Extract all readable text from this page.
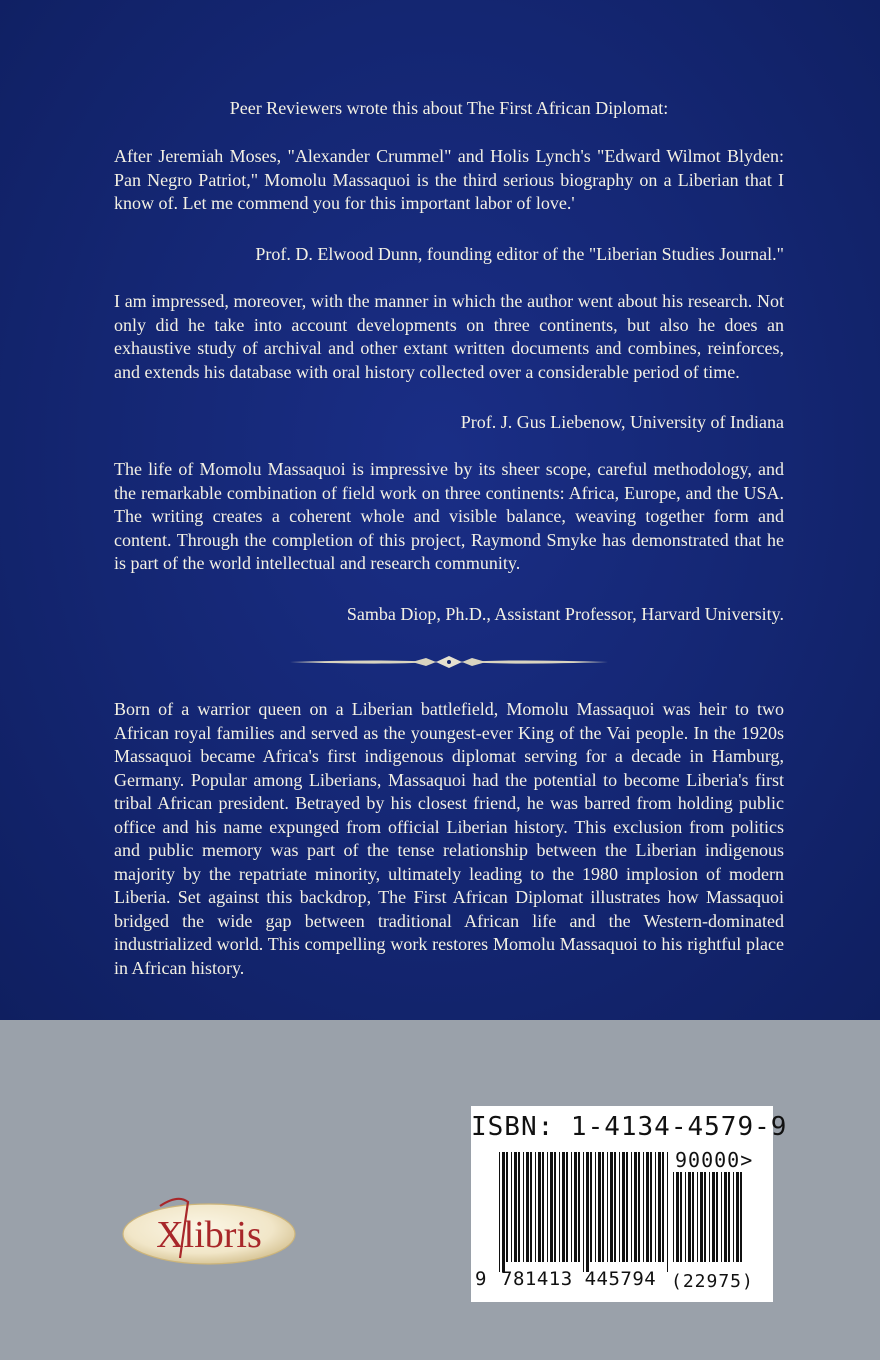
Peer Reviewers wrote this about The First African Diplomat:

After Jeremiah Moses, "Alexander Crummel" and Holis Lynch's "Edward Wilmot Blyden: Pan Negro Patriot," Momolu Massaquoi is the third serious biography on a Liberian that I know of. Let me commend you for this important labor of love.'

Prof. D. Elwood Dunn, founding editor of the "Liberian Studies Journal."

I am impressed, moreover, with the manner in which the author went about his research. Not only did he take into account developments on three continents, but also he does an exhaustive study of archival and other extant written documents and combines, reinforces, and extends his database with oral history collected over a considerable period of time.

Prof. J. Gus Liebenow, University of Indiana

The life of Momolu Massaquoi is impressive by its sheer scope, careful methodology, and the remarkable combination of field work on three continents: Africa, Europe, and the USA. The writing creates a coherent whole and visible balance, weaving together form and content. Through the completion of this project, Raymond Smyke has demonstrated that he is part of the world intellectual and research community.

Samba Diop, Ph.D., Assistant Professor, Harvard University.

Born of a warrior queen on a Liberian battlefield, Momolu Massaquoi was heir to two African royal families and served as the youngest-ever King of the Vai people. In the 1920s Massaquoi became Africa's first indigenous diplomat serving for a decade in Hamburg, Germany. Popular among Liberians, Massaquoi had the potential to become Liberia's first tribal African president. Betrayed by his closest friend, he was barred from holding public office and his name expunged from official Liberian history. This exclusion from politics and public memory was part of the tense relationship between the Liberian indigenous majority by the repatriate minority, ultimately leading to the 1980 implosion of modern Liberia. Set against this backdrop, The First African Diplomat illustrates how Massaquoi bridged the wide gap between traditional African life and the Western-dominated industrialized world. This compelling work restores Momolu Massaquoi to his rightful place in African history.

Xlibris
ISBN: 1-4134-4579-9
90000>
9 781413 445794 (22975)
